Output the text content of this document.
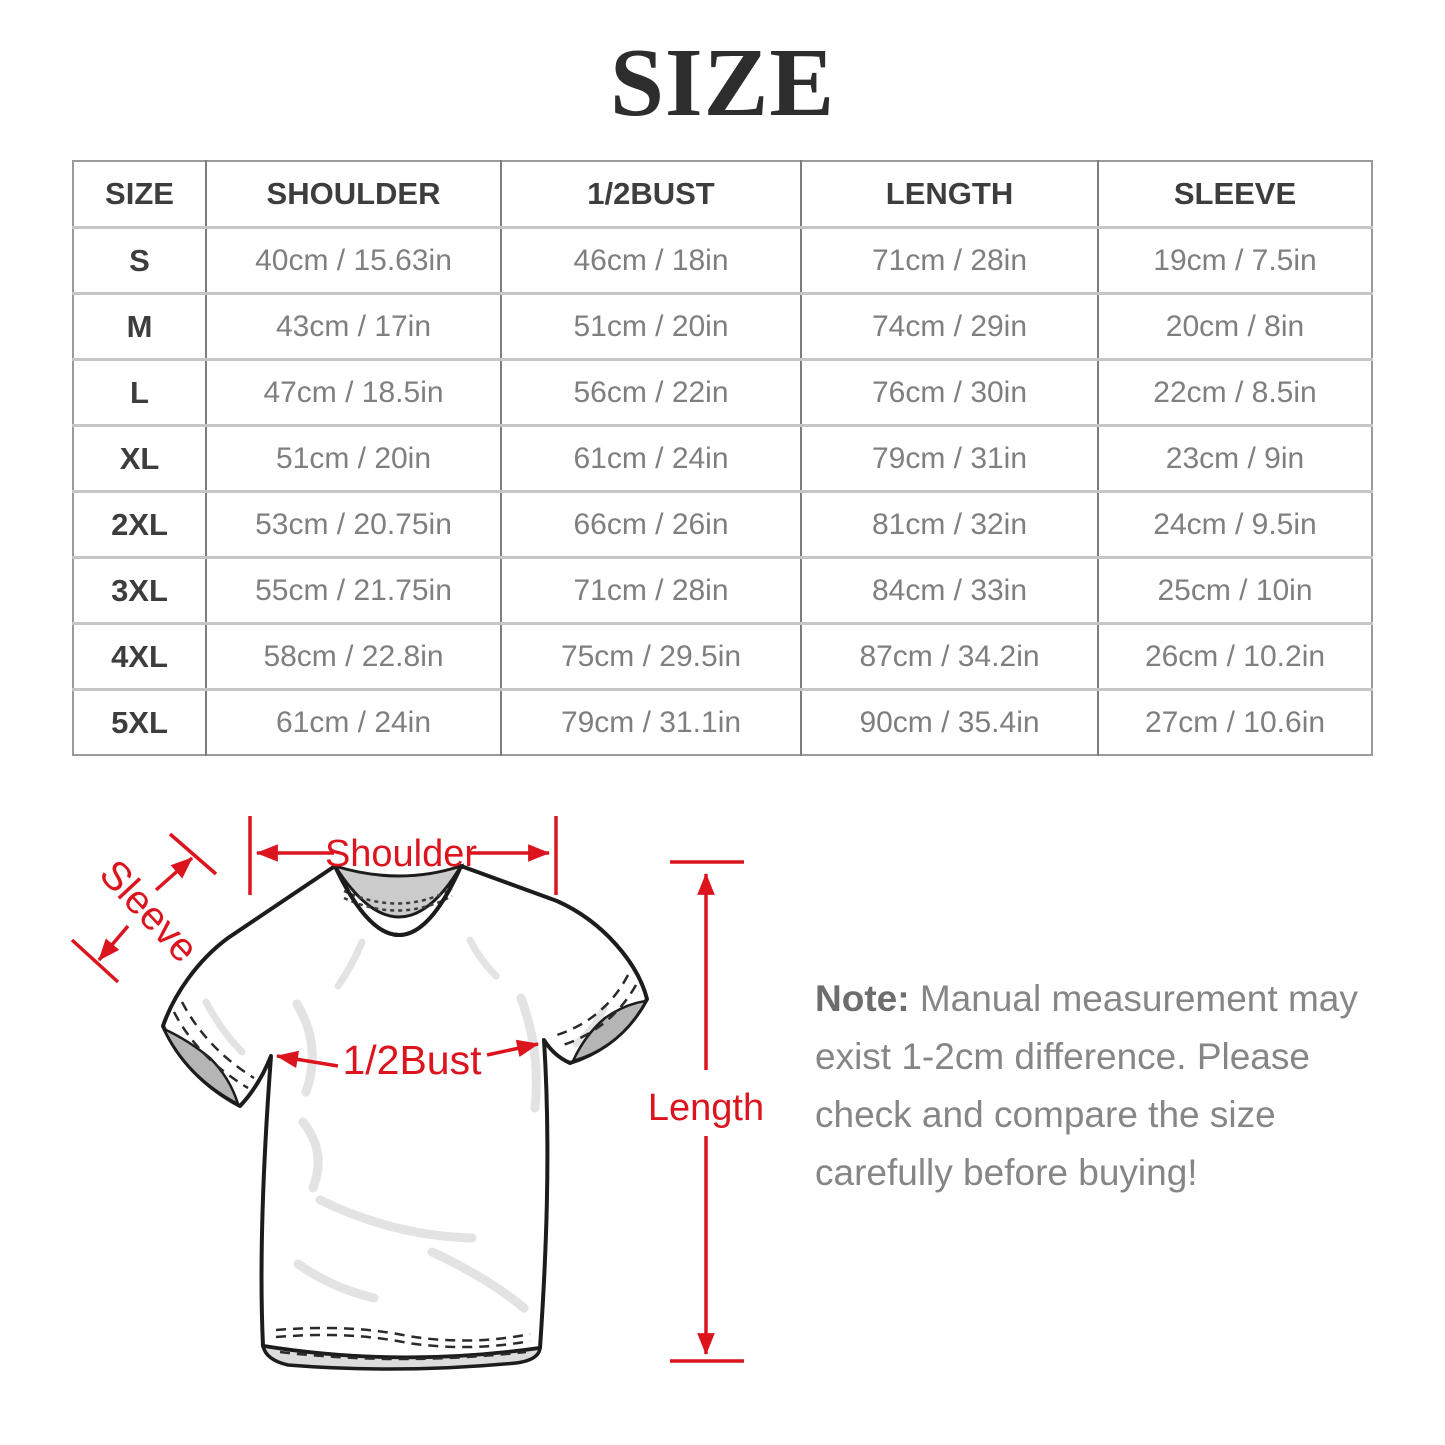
SIZE
SIZE	SHOULDER	1/2BUST	LENGTH	SLEEVE
S	40cm / 15.63in	46cm / 18in	71cm / 28in	19cm / 7.5in
M	43cm / 17in	51cm / 20in	74cm / 29in	20cm / 8in
L	47cm / 18.5in	56cm / 22in	76cm / 30in	22cm / 8.5in
XL	51cm / 20in	61cm / 24in	79cm / 31in	23cm / 9in
2XL	53cm / 20.75in	66cm / 26in	81cm / 32in	24cm / 9.5in
3XL	55cm / 21.75in	71cm / 28in	84cm / 33in	25cm / 10in
4XL	58cm / 22.8in	75cm / 29.5in	87cm / 34.2in	26cm / 10.2in
5XL	61cm / 24in	79cm / 31.1in	90cm / 35.4in	27cm / 10.6in
Shoulder
Sleeve
1/2Bust
Length

Note: Manual measurement may exist 1-2cm difference. Please check and compare the size carefully before buying!
